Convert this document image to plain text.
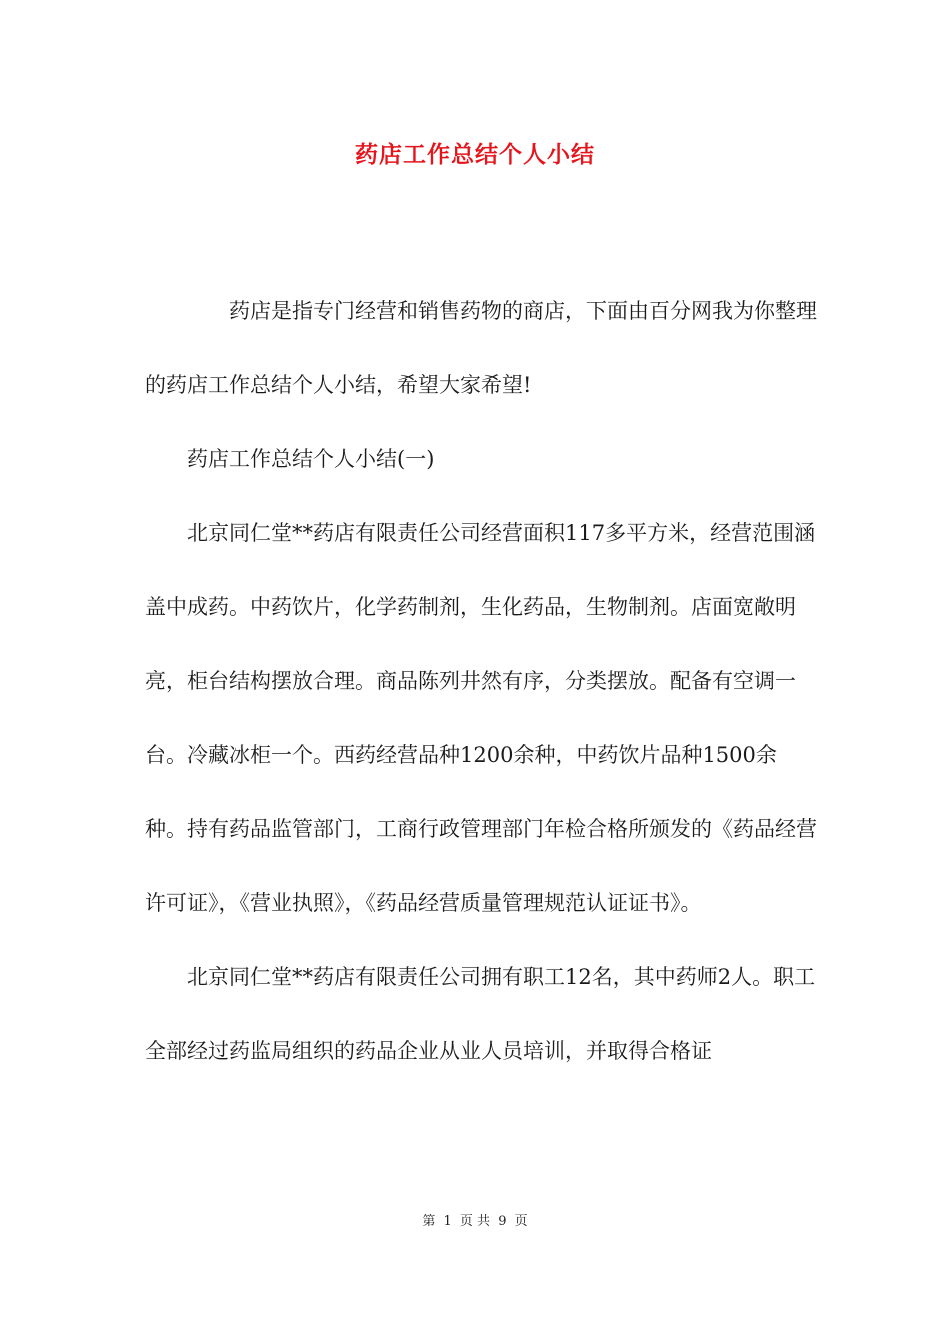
药店工作总结个人小结

药店是指专门经营和销售药物的商店，下面由百分网我为你整理的药店工作总结个人小结，希望大家希望!

药店工作总结个人小结(一)

北京同仁堂**药店有限责任公司经营面积117多平方米，经营范围涵盖中成药。中药饮片，化学药制剂，生化药品，生物制剂。店面宽敞明亮，柜台结构摆放合理。商品陈列井然有序，分类摆放。配备有空调一台。冷藏冰柜一个。西药经营品种1200余种，中药饮片品种1500余种。持有药品监管部门，工商行政管理部门年检合格所颁发的《药品经营许可证》，《营业执照》，《药品经营质量管理规范认证证书》。

北京同仁堂**药店有限责任公司拥有职工12名，其中药师2人。职工全部经过药监局组织的药品企业从业人员培训，并取得合格证

第 1 页 共 9 页
